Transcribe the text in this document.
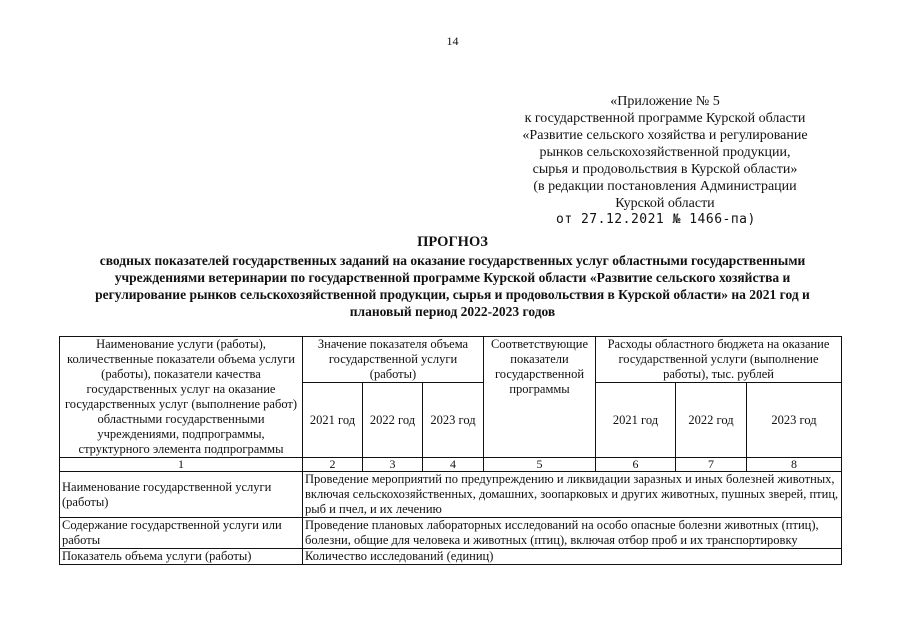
14
«Приложение № 5
к государственной программе Курской области
«Развитие сельского хозяйства и регулирование
рынков сельскохозяйственной продукции,
сырья и продовольствия в Курской области»
(в редакции постановления Администрации
Курской области
от 27.12.2021 № 1466-па)
ПРОГНОЗ
сводных показателей государственных заданий на оказание государственных услуг областными государственными учреждениями ветеринарии по государственной программе Курской области «Развитие сельского хозяйства и регулирование рынков сельскохозяйственной продукции, сырья и продовольствия в Курской области» на 2021 год и плановый период 2022-2023 годов
Наименование услуги (работы), количественные показатели объема услуги (работы), показатели качества государственных услуг на оказание государственных услуг (выполнение работ) областными государственными учреждениями, подпрограммы, структурного элемента подпрограммы	Значение показателя объема государственной услуги (работы)			Соответствующие показатели государственной программы	Расходы областного бюджета на оказание государственной услуги (выполнение работы), тыс. рублей		
	2021 год	2022 год	2023 год		2021 год	2022 год	2023 год
1	2	3	4	5	6	7	8
Наименование государственной услуги (работы)	Проведение мероприятий по предупреждению и ликвидации заразных и иных болезней животных, включая сельскохозяйственных, домашних, зоопарковых и других животных, пушных зверей, птиц, рыб и пчел, и их лечению						
Содержание государственной услуги или работы	Проведение плановых лабораторных исследований на особо опасные болезни животных (птиц), болезни, общие для человека и животных (птиц), включая отбор проб и их транспортировку						
Показатель объема услуги (работы)	Количество исследований (единиц)						
